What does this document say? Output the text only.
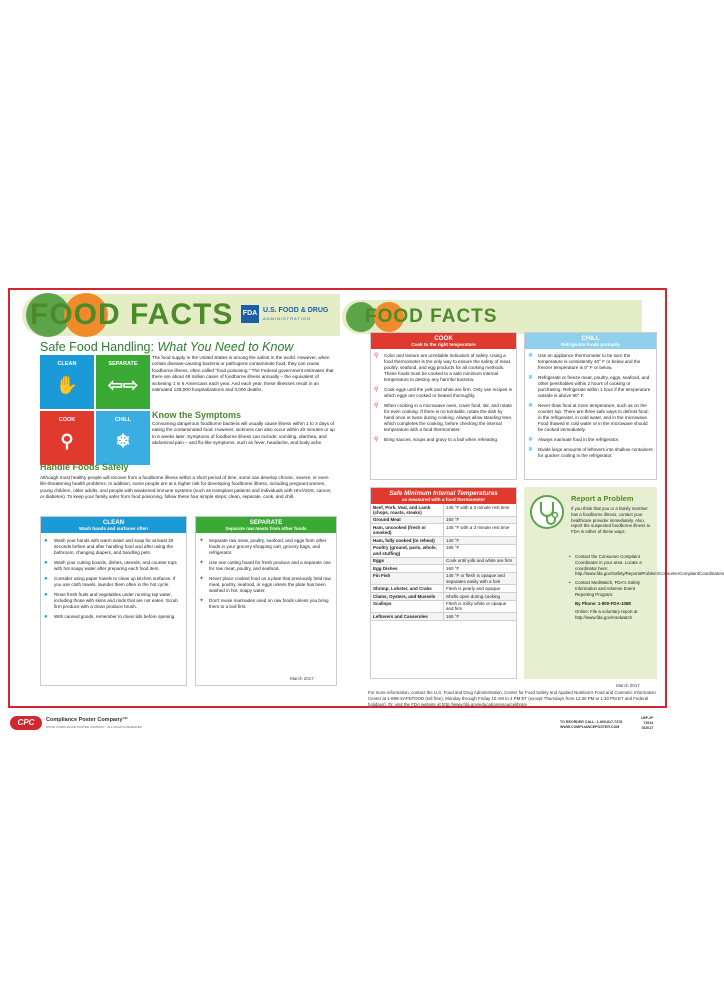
FOOD FACTS FDA U.S. FOOD & DRUG
ADMINISTRATION
Safe Food Handling: What You Need to Know
CLEAN
✋
SEPARATE
⇦⇨
COOK
⚲
CHILL
❄
The food supply in the United States is among the safest in the world. However, when certain disease-causing bacteria or pathogens contaminate food, they can cause foodborne illness, often called "food poisoning." The Federal government estimates that there are about 48 million cases of foodborne illness annually – the equivalent of sickening 1 in 6 Americans each year. And each year, these illnesses result in an estimated 128,000 hospitalizations and 3,000 deaths.
Know the Symptoms
Consuming dangerous foodborne bacteria will usually cause illness within 1 to 3 days of eating the contaminated food. However, sickness can also occur within 20 minutes or up to 6 weeks later. Symptoms of foodborne illness can include: vomiting, diarrhea, and abdominal pain – and flu-like symptoms, such as fever, headache, and body ache.
Handle Foods Safely
Although most healthy people will recover from a foodborne illness within a short period of time, some can develop chronic, severe, or even life-threatening health problems. In addition, some people are at a higher risk for developing foodborne illness, including pregnant women, young children, older adults, and people with weakened immune systems (such as transplant patients and individuals with HIV/AIDS, cancer, or diabetes). To keep your family safer from food poisoning, follow these four simple steps: clean, separate, cook, and chill.
CLEAN
Wash hands and surfaces often
● Wash your hands with warm water and soap for at least 20 seconds before and after handling food and after using the bathroom, changing diapers, and handling pets.
● Wash your cutting boards, dishes, utensils, and counter tops with hot soapy water after preparing each food item.
● Consider using paper towels to clean up kitchen surfaces. If you use cloth towels, launder them often in the hot cycle.
● Rinse fresh fruits and vegetables under running tap water, including those with skins and rinds that are not eaten. Scrub firm produce with a clean produce brush.
● With canned goods, remember to clean lids before opening.
SEPARATE
Separate raw meats from other foods
✦ Separate raw meat, poultry, seafood, and eggs from other foods in your grocery shopping cart, grocery bags, and refrigerator.
✦ Use one cutting board for fresh produce and a separate one for raw meat, poultry, and seafood.
✦ Never place cooked food on a plate that previously held raw meat, poultry, seafood, or eggs unless the plate has been washed in hot, soapy water.
✦ Don't reuse marinades used on raw foods unless you bring them to a boil first.
March 2017
FOOD FACTS
COOK
Cook to the right temperature
⚲ Color and texture are unreliable indicators of safety. Using a food thermometer is the only way to ensure the safety of meat, poultry, seafood, and egg products for all cooking methods. These foods must be cooked to a safe minimum internal temperature to destroy any harmful bacteria.
⚲ Cook eggs until the yolk and white are firm. Only use recipes in which eggs are cooked or heated thoroughly.
⚲ When cooking in a microwave oven, cover food, stir, and rotate for even cooking. If there is no turntable, rotate the dish by hand once or twice during cooking. Always allow standing time, which completes the cooking, before checking the internal temperature with a food thermometer.
⚲ Bring sauces, soups and gravy to a boil when reheating.
CHILL
Refrigerate foods promptly
❄ Use an appliance thermometer to be sure the temperature is consistently 40° F or below and the freezer temperature is 0° F or below.
❄ Refrigerate or freeze meat, poultry, eggs, seafood, and other perishables within 2 hours of cooking or purchasing. Refrigerate within 1 hour if the temperature outside is above 90° F.
❄ Never thaw food at room temperature, such as on the counter top. There are three safe ways to defrost food: in the refrigerator, in cold water, and in the microwave. Food thawed in cold water or in the microwave should be cooked immediately.
❄ Always marinate food in the refrigerator.
❄ Divide large amounts of leftovers into shallow containers for quicker cooling in the refrigerator.
Safe Minimum Internal Temperatures
as measured with a food thermometer
Beef, Pork, Veal, and Lamb (chops, roasts, steaks)	145 °F with a 3 minute rest time
Ground Meat	160 °F
Ham, uncooked (fresh or smoked)	145 °F with a 3 minute rest time
Ham, fully cooked (to reheat)	140 °F
Poultry (ground, parts, whole, and stuffing)	165 °F
Eggs	Cook until yolk and white are firm
Egg Dishes	160 °F
Fin Fish	145 °F or flesh is opaque and separates easily with a fork
Shrimp, Lobster, and Crabs	Flesh is pearly and opaque
Clams, Oysters, and Mussels	Shells open during cooking
Scallops	Flesh is milky white or opaque and firm
Leftovers and Casseroles	165 °F
Report a Problem
If you think that you or a family member has a foodborne illness, contact your healthcare provider immediately. Also, report the suspected foodborne illness to FDA in either of these ways:
• Contact the Consumer Complaint Coordinator in your area. Locate a coordinator here: http://www.fda.gov/Safety/ReportaProblem/ConsumerComplaintCoordinators
• Contact MedWatch, FDA's Safety Information and Adverse Event Reporting Program:
By Phone: 1-800-FDA-1088
Online: File a voluntary report at http://www.fda.gov/medwatch
March 2017
For more information, contact the U.S. Food and Drug Administration, Center for Food Safety and Applied Nutrition's Food and Cosmetic Information Center at 1-888-SAFEFOOD (toll free), Monday through Friday 10 AM to 4 PM ET (except Thursdays from 12:30 PM to 1:30 PM ET and Federal holidays). Or, visit the FDA website at http://www.fda.gov/educationresourcelibrary
CPC	Compliance Poster Company™
STATE COMPLIANCE POSTER COMPANY · ALL RIGHTS RESERVED
TO REORDER CALL: 1-800-817-7378
WWW.COMPLIANCEPOSTER.COM
LBP-2F
T4914
032017
